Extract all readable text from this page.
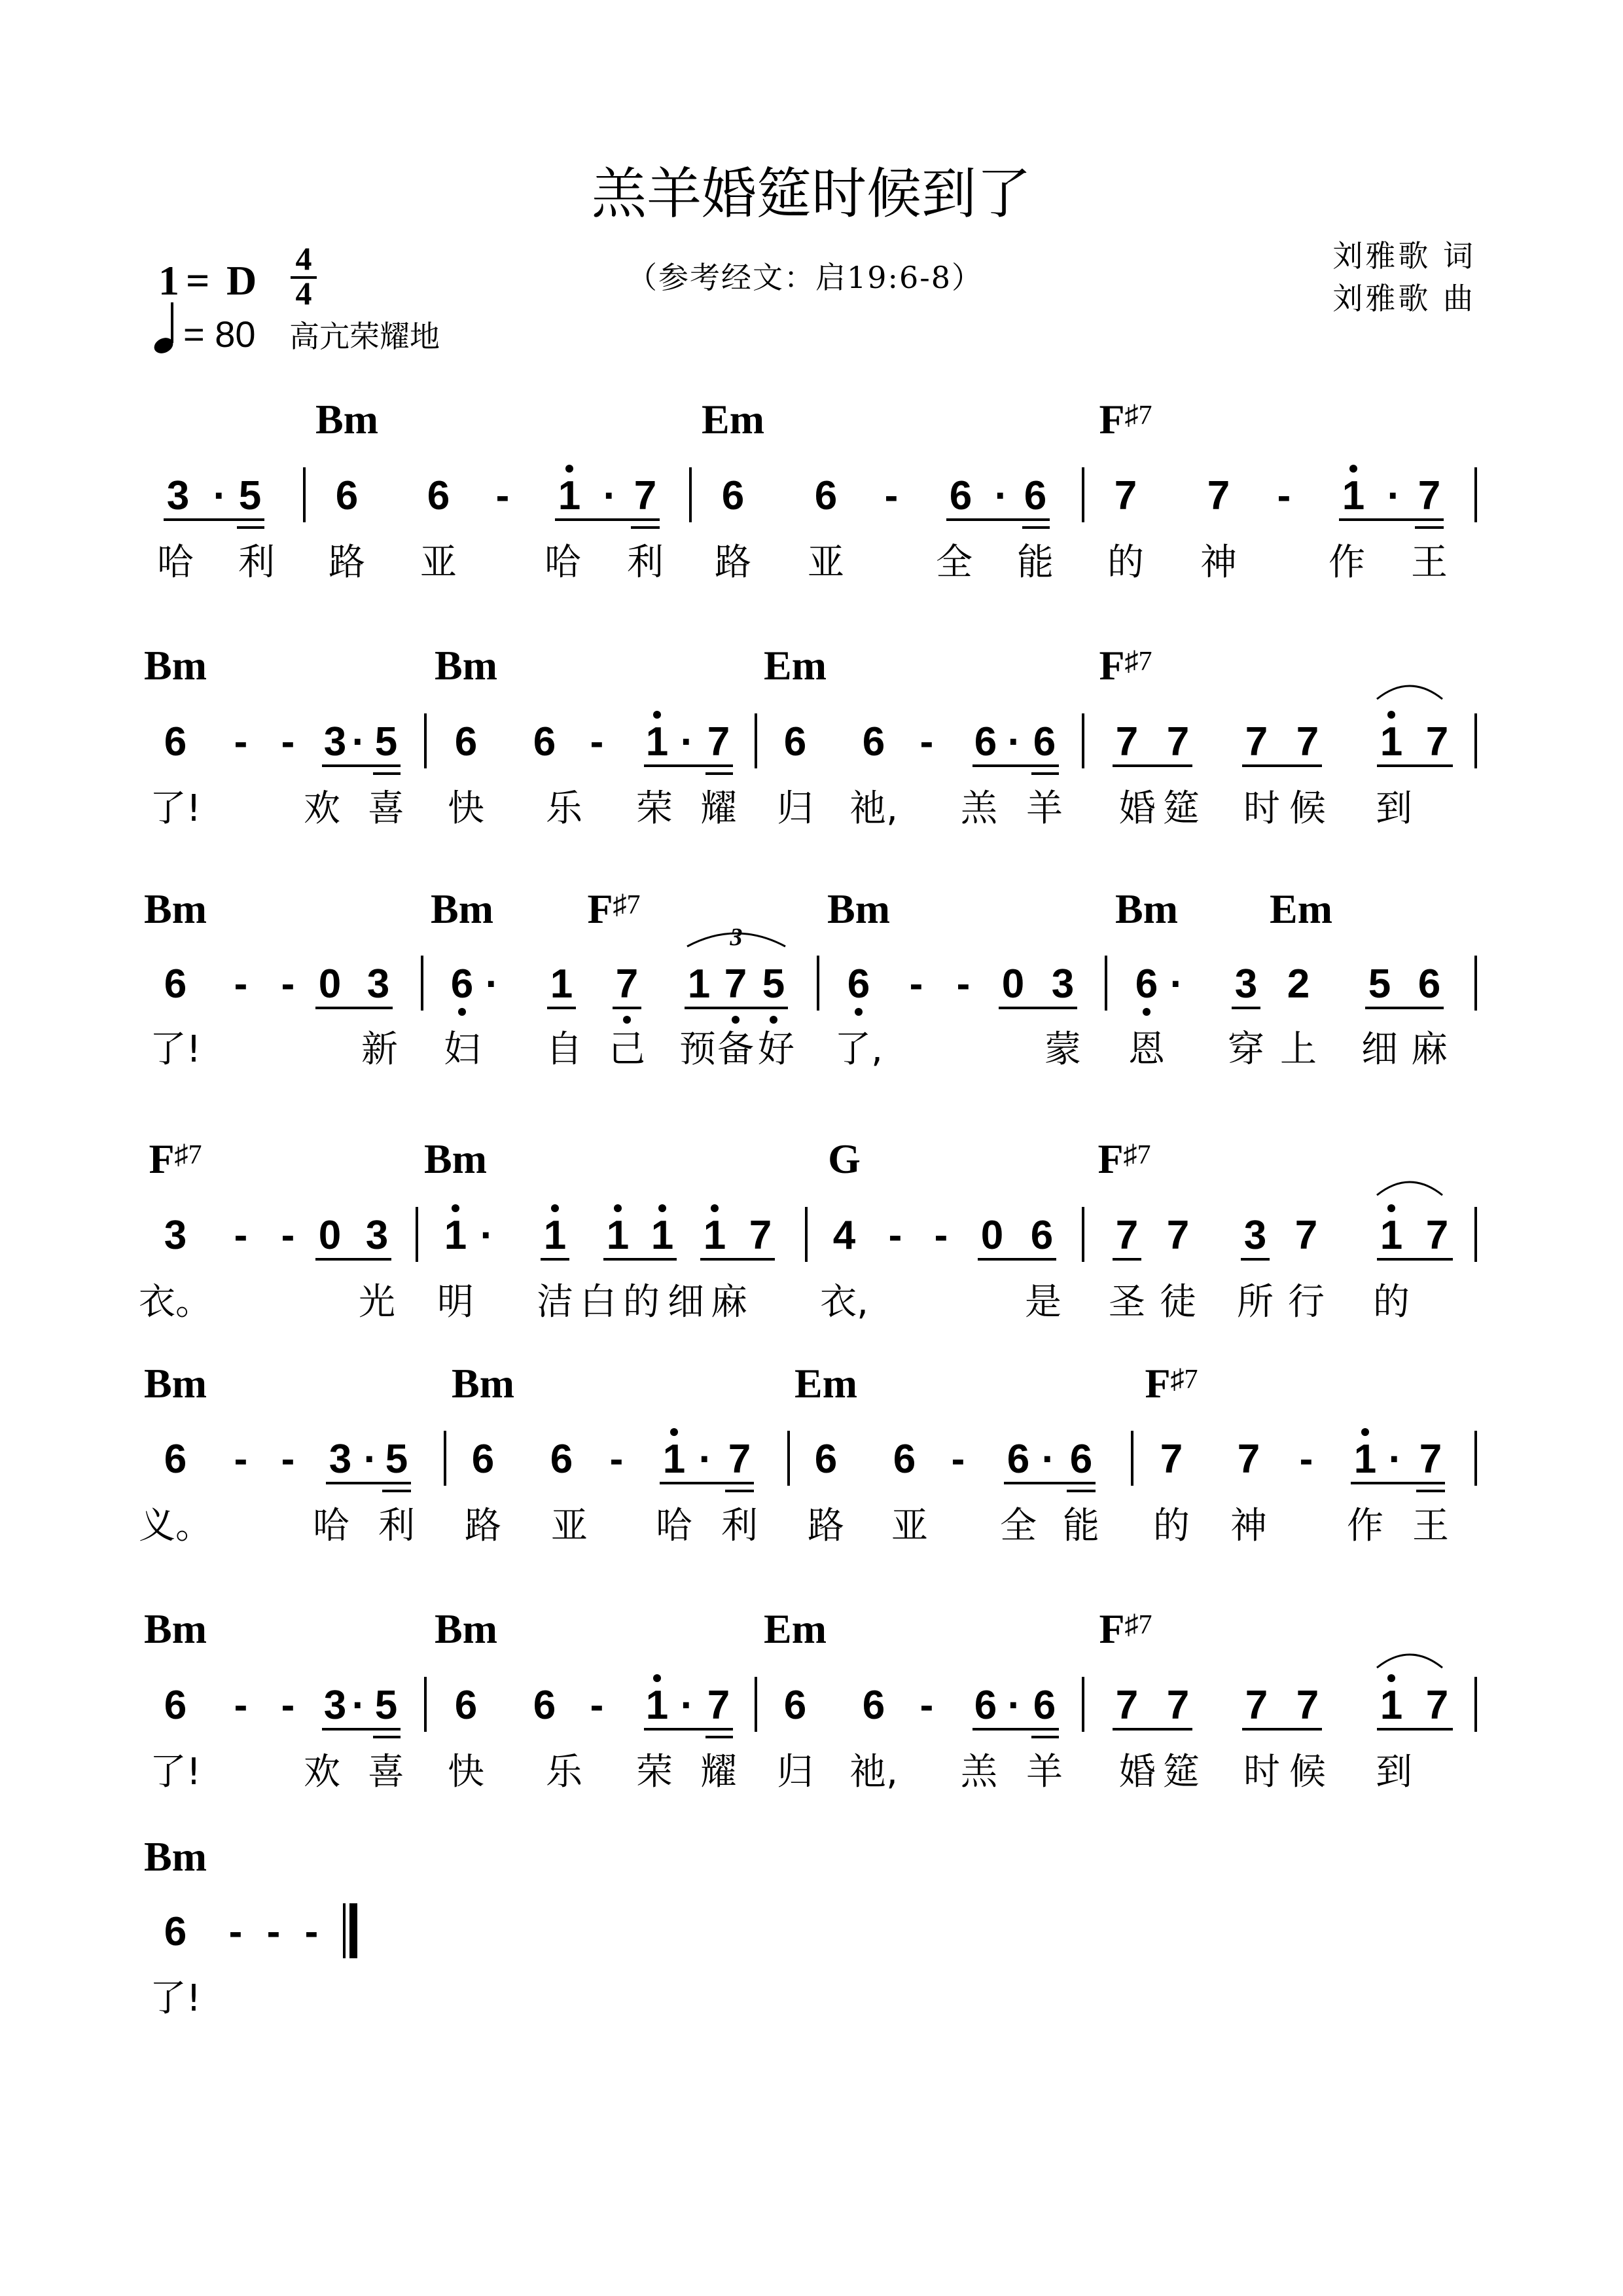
羔羊婚筵时候到了
（参考经文：启19:6-8）
刘雅歌 词
刘雅歌 曲
1 = D 4
4
= 80 高亢荣耀地
Bm	Em	$F^{♯7}$
3 · 5 6 6 - 1 · 7 6 6 - 6 · 6 7 7 - 1 · 7
哈 利 路 亚 哈 利 路 亚	全 能 的 神	作 王
Bm	Bm	Em	$F^{♯7}$
6 - - 3 · 5 6 6 - 1 · 7 6 6 - 6 · 6 7 7 7 7 1 7
了!	欢 喜 快 乐 荣 耀 归 祂, 羔 羊 婚 筵 时 候 到
Bm	Bm $F^{♯7}$	Bm	Bm Em
6 - - 0 3 6 · 1 7 1 7 5 6 - - 0 3 6 · 3 2 5 6
3
了!	新 妇 自 己 预 备 好 了,	蒙 恩 穿 上 细 麻
$F^{♯7}$	Bm	G	$F^{♯7}$
3 - - 0 3 1 · 1 1 1 1 7 4 - - 0 6 7 7 3 7 1 7
衣。	光 明 洁 白 的 细 麻 衣,	是 圣 徒 所 行 的
Bm	Bm	Em	$F^{♯7}$
6 - - 3 · 5 6 6 - 1 · 7 6 6 - 6 · 6 7 7 - 1 · 7
义。	哈 利 路 亚 哈 利 路 亚 全 能 的 神 作 王
Bm	Bm	Em	$F^{♯7}$
6 - - 3 · 5 6 6 - 1 · 7 6 6 - 6 · 6 7 7 7 7 1 7
了!	欢 喜 快 乐 荣 耀 归 祂, 羔 羊 婚 筵 时 候 到
Bm
6 - - -
了!
